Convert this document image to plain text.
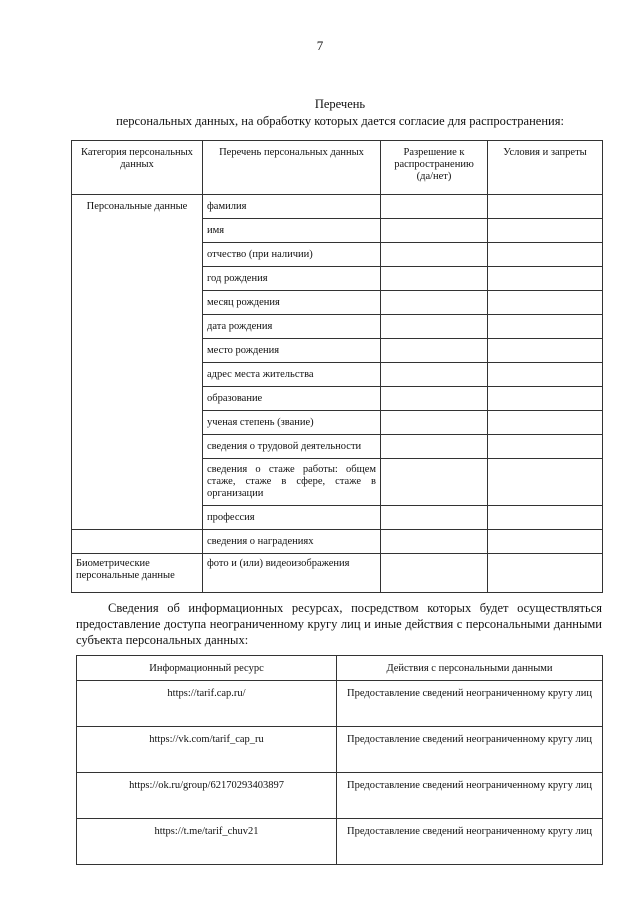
7
Перечень
персональных данных, на обработку которых дается согласие для распространения:
Категория персональных данных	Перечень персональных данных	Разрешение к распространению (да/нет)	Условия и запреты
Персональные данные	фамилия		
	имя		
	отчество (при наличии)		
	год рождения		
	месяц рождения		
	дата рождения		
	место рождения		
	адрес места жительства		
	образование		
	ученая степень (звание)		
	сведения о трудовой деятельности		
	сведения о стаже работы: общем стаже, стаже в сфере, стаже в организации		
	профессия		
	сведения о наградениях		
Биометрические персональные данные	фото и (или) видеоизображения		
Сведения об информационных ресурсах, посредством которых будет осуществляться предоставление доступа неограниченному кругу лиц и иные действия с персональными данными субъекта персональных данных:
Информационный ресурс	Действия с персональными данными
https://tarif.cap.ru/	Предоставление сведений неограниченному кругу лиц
https://vk.com/tarif_cap_ru	Предоставление сведений неограниченному кругу лиц
https://ok.ru/group/62170293403897	Предоставление сведений неограниченному кругу лиц
https://t.me/tarif_chuv21	Предоставление сведений неограниченному кругу лиц
